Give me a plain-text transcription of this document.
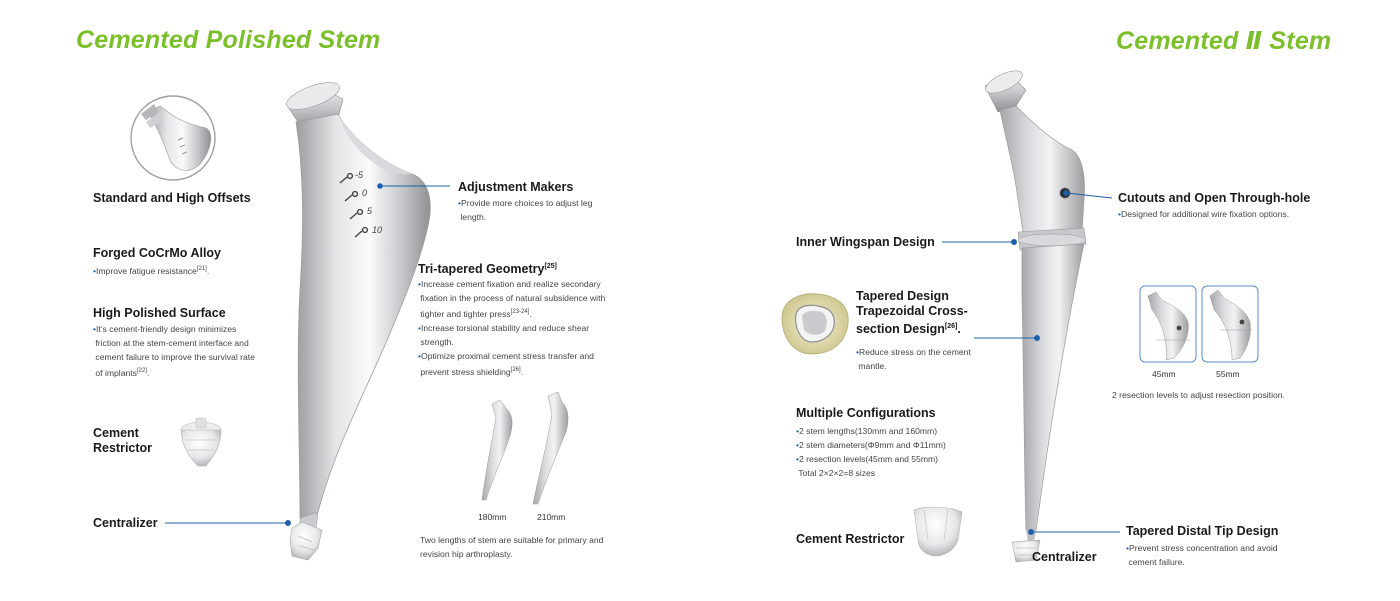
-5
0
5
10
Cemented Polished Stem
Standard and High Offsets
Forged CoCrMo Alloy
•Improve fatigue resistance[21].
High Polished Surface
•It’s cement-friendly design minimizes
friction at the stem-cement interface and
cement failure to improve the survival rate
of implants[22].
Cement
Restrictor
Centralizer
Adjustment Makers
•Provide more choices to adjust leg
length.
Tri-tapered Geometry[25]
•Increase cement fixation and realize secondary
fixation in the process of natural subsidence with
tighter and tighter press[23-24].
•Increase torsional stability and reduce shear
strength.
•Optimize proximal cement stress transfer and
prevent stress shielding[26].
180mm	210mm
Two lengths of stem are suitable for primary and
revision hip arthroplasty.
Cemented Ⅱ Stem
Cutouts and Open Through-hole
•Designed for additional wire fixation options.
Inner Wingspan Design
Tapered Design
Trapezoidal Cross-
section Design[26].
•Reduce stress on the cement
mantle.
45mm	55mm
2 resection levels to adjust resection position.
Multiple Configurations
•2 stem lengths(130mm and 160mm)
•2 stem diameters(Φ9mm and Φ11mm)
•2 resection levels(45mm and 55mm)
Total 2×2×2=8 sizes
Cement Restrictor
Centralizer
Tapered Distal Tip Design
•Prevent stress concentration and avoid
cement failure.
